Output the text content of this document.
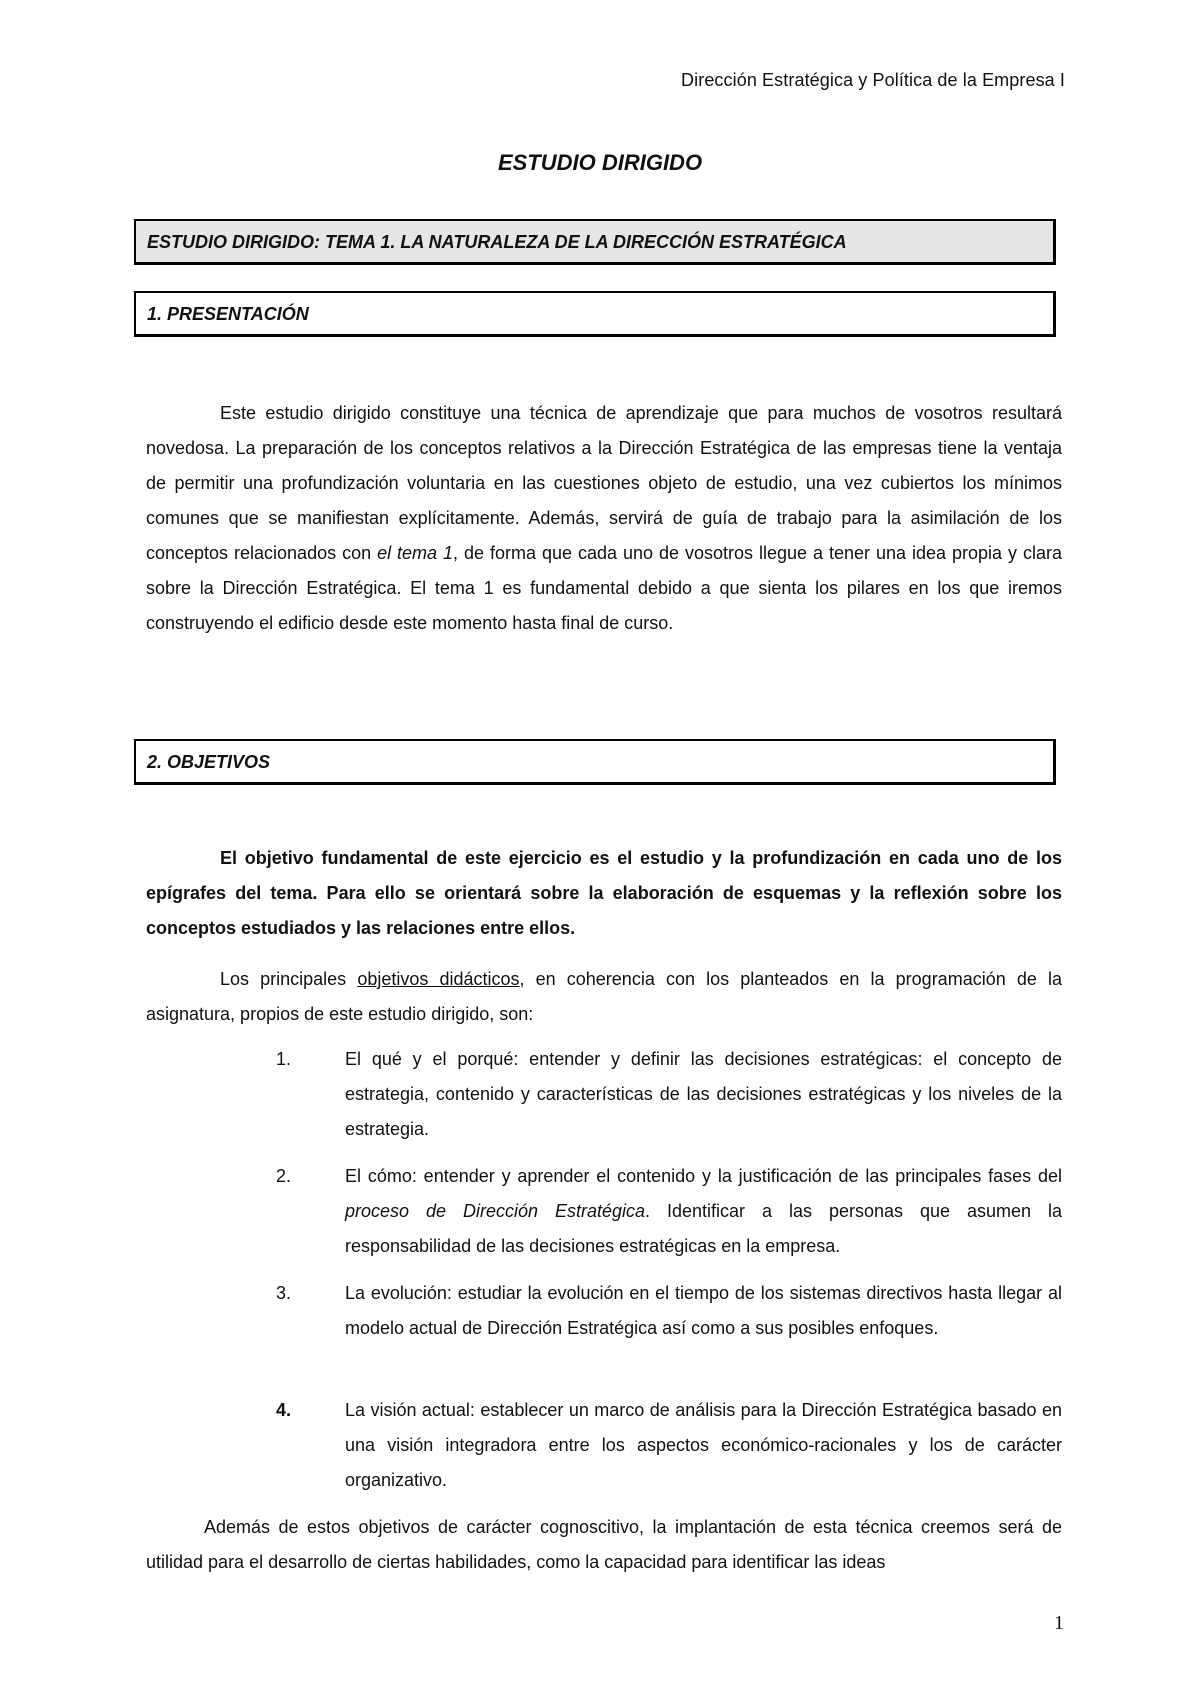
Dirección Estratégica y Política de la Empresa I
ESTUDIO DIRIGIDO
ESTUDIO DIRIGIDO: TEMA 1. LA NATURALEZA DE LA DIRECCIÓN ESTRATÉGICA
1. PRESENTACIÓN

Este estudio dirigido constituye una técnica de aprendizaje que para muchos de vosotros resultará novedosa. La preparación de los conceptos relativos a la Dirección Estratégica de las empresas tiene la ventaja de permitir una profundización voluntaria en las cuestiones objeto de estudio, una vez cubiertos los mínimos comunes que se manifiestan explícitamente. Además, servirá de guía de trabajo para la asimilación de los conceptos relacionados con el tema 1, de forma que cada uno de vosotros llegue a tener una idea propia y clara sobre la Dirección Estratégica. El tema 1 es fundamental debido a que sienta los pilares en los que iremos construyendo el edificio desde este momento hasta final de curso.

2. OBJETIVOS

El objetivo fundamental de este ejercicio es el estudio y la profundización en cada uno de los epígrafes del tema. Para ello se orientará sobre la elaboración de esquemas y la reflexión sobre los conceptos estudiados y las relaciones entre ellos.

Los principales objetivos didácticos, en coherencia con los planteados en la programación de la asignatura, propios de este estudio dirigido, son:

1.	El qué y el porqué: entender y definir las decisiones estratégicas: el concepto de estrategia, contenido y características de las decisiones estratégicas y los niveles de la estrategia.

2.	El cómo: entender y aprender el contenido y la justificación de las principales fases del proceso de Dirección Estratégica. Identificar a las personas que asumen la responsabilidad de las decisiones estratégicas en la empresa.

3.	La evolución: estudiar la evolución en el tiempo de los sistemas directivos hasta llegar al modelo actual de Dirección Estratégica así como a sus posibles enfoques.

4.	La visión actual: establecer un marco de análisis para la Dirección Estratégica basado en una visión integradora entre los aspectos económico-racionales y los de carácter organizativo.

Además de estos objetivos de carácter cognoscitivo, la implantación de esta técnica creemos será de utilidad para el desarrollo de ciertas habilidades, como la capacidad para identificar las ideas

1
